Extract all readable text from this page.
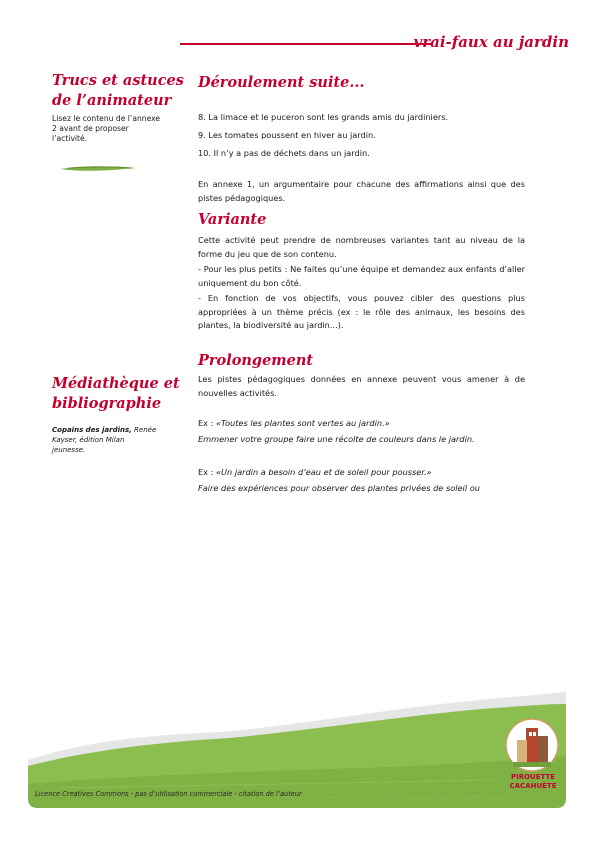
vrai-faux au jardin
Trucs et astuces
de l’animateur
Lisez le contenu de l’annexe
2 avant de proposer
l’activité.
Médiathèque et
bibliographie
Copains des jardins, Renée
Kayser, édition Milan
jeunesse.
Déroulement suite...
8. La limace et le puceron sont les grands amis du jardiniers.
9. Les tomates poussent en hiver au jardin.
10. Il n’y a pas de déchets dans un jardin.
En annexe 1, un argumentaire pour chacune des affirmations ainsi que des pistes pédagogiques.
Variante
Cette activité peut prendre de nombreuses variantes tant au niveau de la forme du jeu que de son contenu.
- Pour les plus petits : Ne faites qu’une équipe et demandez aux enfants d’aller uniquement du bon côté.
- En fonction de vos objectifs, vous pouvez cibler des questions plus appropriées à un thème précis (ex : le rôle des animaux, les besoins des plantes, la biodiversité au jardin...).
Prolongement
Les pistes pédagogiques données en annexe peuvent vous amener à de nouvelles activités.
Ex : «Toutes les plantes sont vertes au jardin.»
Emmener votre groupe faire une récolte de couleurs dans le jardin.
Ex : «Un jardin a besoin d’eau et de soleil pour pousser.»
Faire des expériences pour observer des plantes privées de soleil ou
PIROUETTE
CACAHUÈTE
Licence Creatives Commons - pas d’utilisation commerciale - citation de l’auteur
